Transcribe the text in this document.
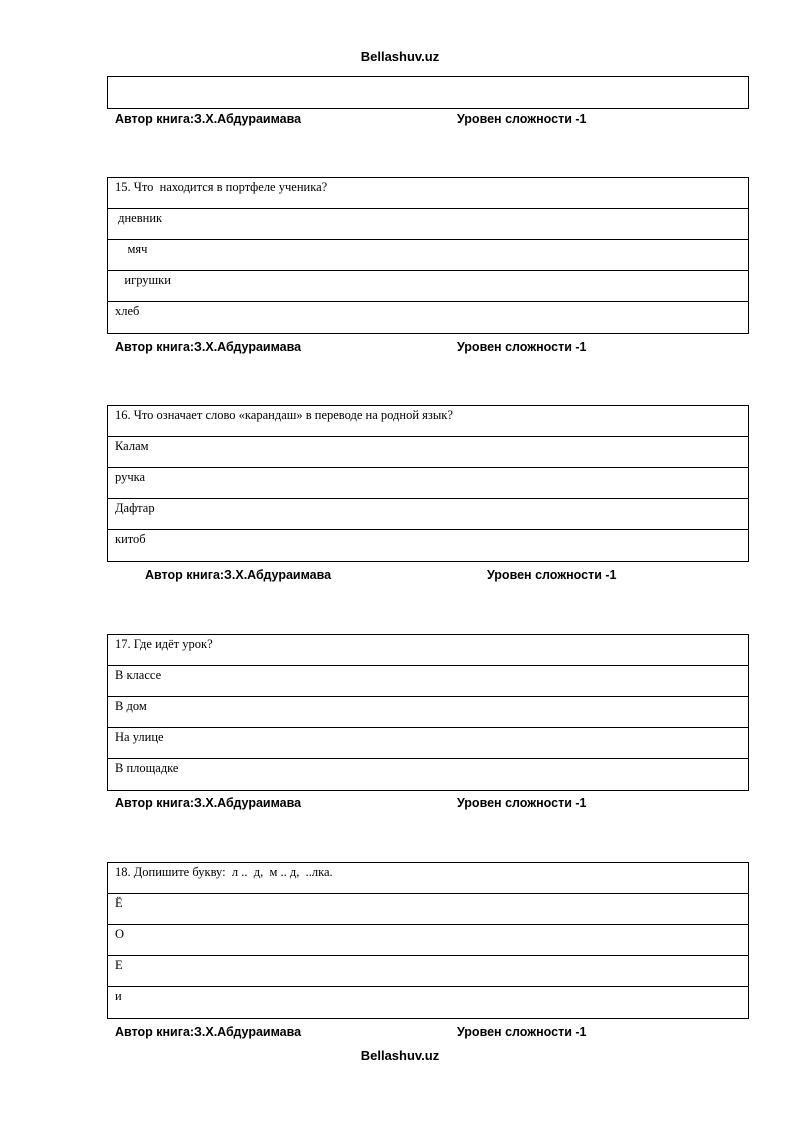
Bellashuv.uz
Автор книга:З.Х.Абдураимава	Уровен сложности -1
15. Что  находится в портфеле ученика?
дневник
мяч
игрушки
хлеб
Автор книга:З.Х.Абдураимава	Уровен сложности -1
16. Что означает слово «карандаш» в переводе на родной язык?
Калам
ручка
Дафтар
китоб
Автор книга:З.Х.Абдураимава	Уровен сложности -1
17. Где идёт урок?
В классе
В дом
На улице
В площадке
Автор книга:З.Х.Абдураимава	Уровен сложности -1
18. Допишите букву:  л ..  д,  м .. д,  ..лка.
Ё
О
Е
и
Автор книга:З.Х.Абдураимава	Уровен сложности -1
Bellashuv.uz
